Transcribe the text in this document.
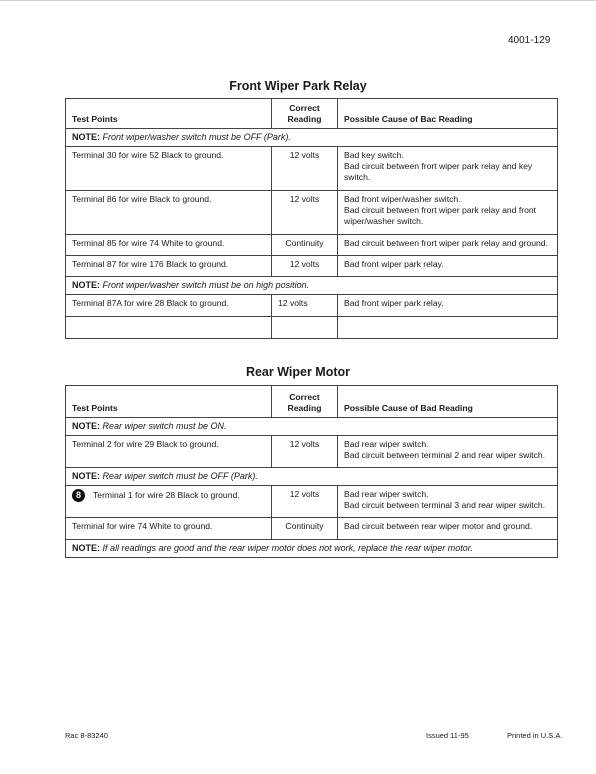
4001-129
Front Wiper Park Relay
Test Points	Correct Reading	Possible Cause of Bac Reading
NOTE: Front wiper/washer switch must be OFF (Park).		
Terminal 30 for wire 52 Black to ground.	12 volts	Bad key switch.
Bad circuit between frort wiper park relay and key switch.

Terminal 86 for wire Black to ground.	12 volts	Bad front wiper/washer switch.
Bad circuit between frort wiper park relay and front wiper/washer switch.

Terminal 85 for wire 74 White to ground.	Continuity	Bad circuit between frort wiper park relay and ground.
Terminal 87 for wire 176 Black to ground.	12 volts	Bad front wiper park relay.
NOTE: Front wiper/washer switch must be on high position.		
Terminal 87A for wire 28 Black to ground.	12 volts	Bad front wiper park relay.

Rear Wiper Motor
Test Points	Correct Reading	Possible Cause of Bad Reading
NOTE: Rear wiper switch must be ON.		
Terminal 2 for wire 29 Black to ground.	12 volts	Bad rear wiper switch.
Bad circuit between terminal 2 and rear wiper switch.

NOTE: Rear wiper switch must be OFF (Park).		
8 Terminal 1 for wire 28 Black to ground.	12 volts	Bad rear wiper switch.
Bad circuit between terminal 3 and rear wiper switch.

Terminal for wire 74 White to ground.	Continuity	Bad circuit between rear wiper motor and ground.
NOTE: If all readings are good and the rear wiper motor does not work, replace the rear wiper motor.		
Rac 8-83240	Issued 11-95	Printed in U.S.A.
